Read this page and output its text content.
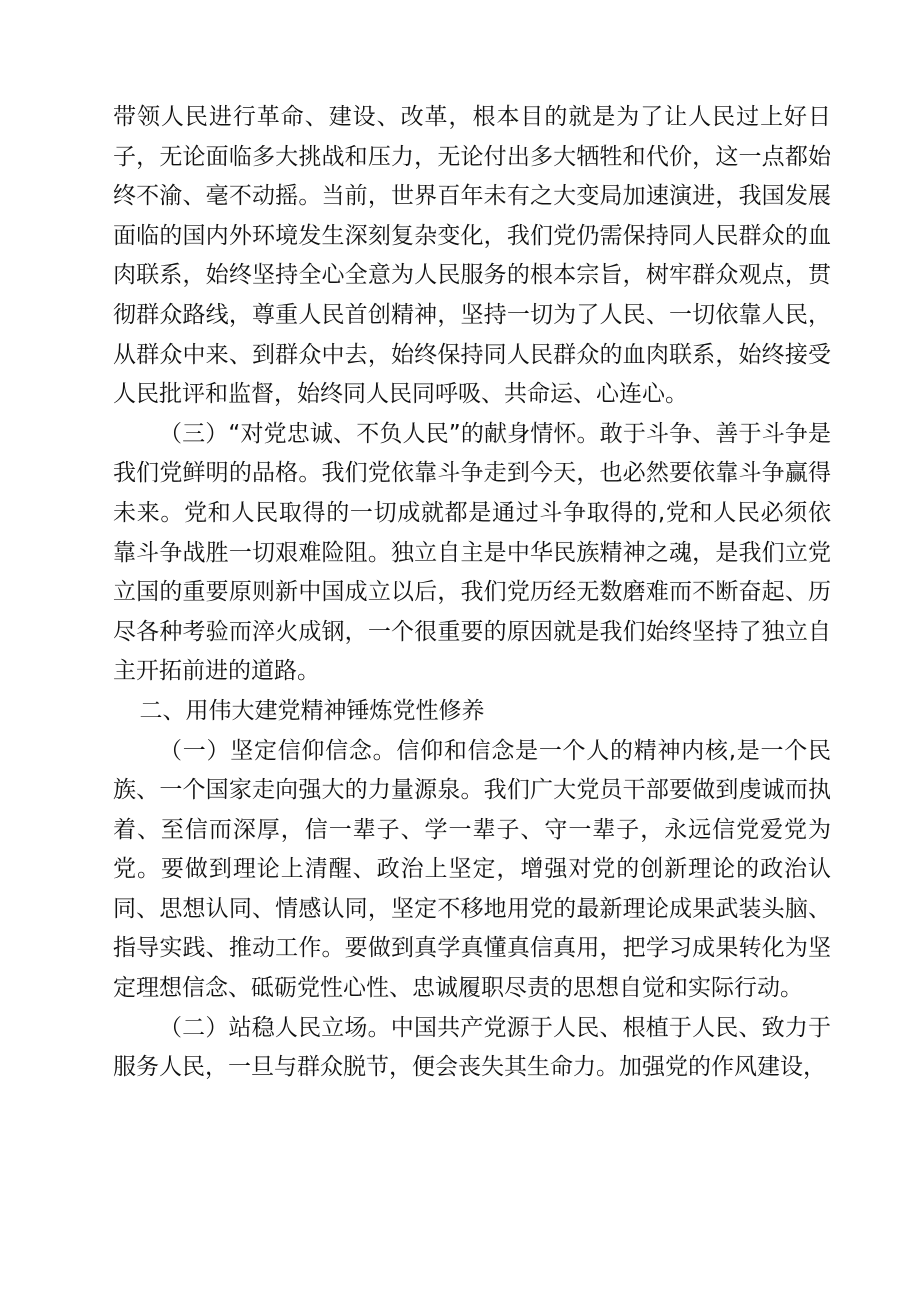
带领人民进行革命、建设、改革，根本目的就是为了让人民过上好日子，无论面临多大挑战和压力，无论付出多大牺牲和代价，这一点都始终不渝、毫不动摇。当前，世界百年未有之大变局加速演进，我国发展面临的国内外环境发生深刻复杂变化，我们党仍需保持同人民群众的血肉联系，始终坚持全心全意为人民服务的根本宗旨，树牢群众观点，贯彻群众路线，尊重人民首创精神，坚持一切为了人民、一切依靠人民，从群众中来、到群众中去，始终保持同人民群众的血肉联系，始终接受人民批评和监督，始终同人民同呼吸、共命运、心连心。

（三）“对党忠诚、不负人民”的献身情怀。敢于斗争、善于斗争是我们党鲜明的品格。我们党依靠斗争走到今天，也必然要依靠斗争赢得未来。党和人民取得的一切成就都是通过斗争取得的,党和人民必须依靠斗争战胜一切艰难险阻。独立自主是中华民族精神之魂，是我们立党立国的重要原则新中国成立以后，我们党历经无数磨难而不断奋起、历尽各种考验而淬火成钢，一个很重要的原因就是我们始终坚持了独立自主开拓前进的道路。

二、用伟大建党精神锤炼党性修养

（一）坚定信仰信念。信仰和信念是一个人的精神内核,是一个民族、一个国家走向强大的力量源泉。我们广大党员干部要做到虔诚而执着、至信而深厚，信一辈子、学一辈子、守一辈子，永远信党爱党为党。要做到理论上清醒、政治上坚定，增强对党的创新理论的政治认同、思想认同、情感认同，坚定不移地用党的最新理论成果武装头脑、指导实践、推动工作。要做到真学真懂真信真用，把学习成果转化为坚定理想信念、砥砺党性心性、忠诚履职尽责的思想自觉和实际行动。

（二）站稳人民立场。中国共产党源于人民、根植于人民、致力于服务人民，一旦与群众脱节，便会丧失其生命力。加强党的作风建设，
